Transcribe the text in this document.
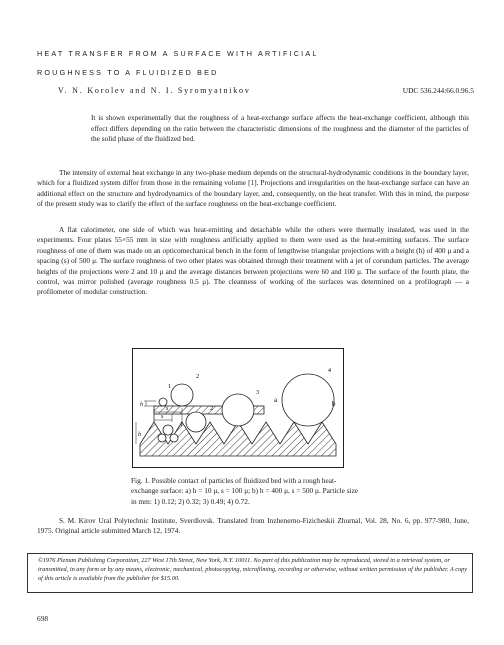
HEAT TRANSFER FROM A SURFACE WITH ARTIFICIAL
ROUGHNESS TO A FLUIDIZED BED
V. N. Korolev and N. I. Syromyatnikov	UDC 536.244:66.0.96.5
It is shown experimentally that the roughness of a heat-exchange surface affects the heat-exchange coefficient, although this effect differs depending on the ratio between the characteristic dimensions of the roughness and the diameter of the particles of the solid phase of the fluidized bed.

The intensity of external heat exchange in any two-phase medium depends on the structural-hydrodynamic conditions in the boundary layer, which for a fluidized system differ from those in the remaining volume [1]. Projections and irregularities on the heat-exchange surface can have an additional effect on the structure and hydrodynamics of the boundary layer, and, consequently, on the heat transfer. With this in mind, the purpose of the present study was to clarify the effect of the surface roughness on the heat-exchange coefficient.

A flat calorimeter, one side of which was heat-emitting and detachable while the others were thermally insulated, was used in the experiments. Four plates 55×55 mm in size with roughness artificially applied to them were used as the heat-emitting surfaces. The surface roughness of one of them was made on an opticomechanical bench in the form of lengthwise triangular projections with a height (h) of 400 μ and a spacing (s) of 500 μ. The surface roughness of two other plates was obtained through their treatment with a jet of corundum particles. The average heights of the projections were 2 and 10 μ and the average distances between projections were 60 and 100 μ. The surface of the fourth plate, the control, was mirror polished (average roughness 0.5 μ). The cleanness of working of the surfaces was determined on a profilograph — a profilometer of modular construction.

h
s
1
2
a
h
s
1
2
3
4
b
Fig. 1. Possible contact of particles of fluidized bed with a rough heat-exchange surface: a) h = 10 μ, s = 100 μ; b) h = 400 μ, s = 500 μ. Particle size in mm: 1) 0.12; 2) 0.32; 3) 0.49; 4) 0.72.
S. M. Kirov Ural Polytechnic Institute, Sverdlovsk. Translated from Inzhenerno-Fizicheskii Zhurnal, Vol. 28, No. 6, pp. 977-980, June, 1975. Original article submitted March 12, 1974.
©1976 Plenum Publishing Corporation, 227 West 17th Street, New York, N.Y. 10011. No part of this publication may be reproduced, stored in a retrieval system, or transmitted, in any form or by any means, electronic, mechanical, photocopying, microfilming, recording or otherwise, without written permission of the publisher. A copy of this article is available from the publisher for $15.00.
698
